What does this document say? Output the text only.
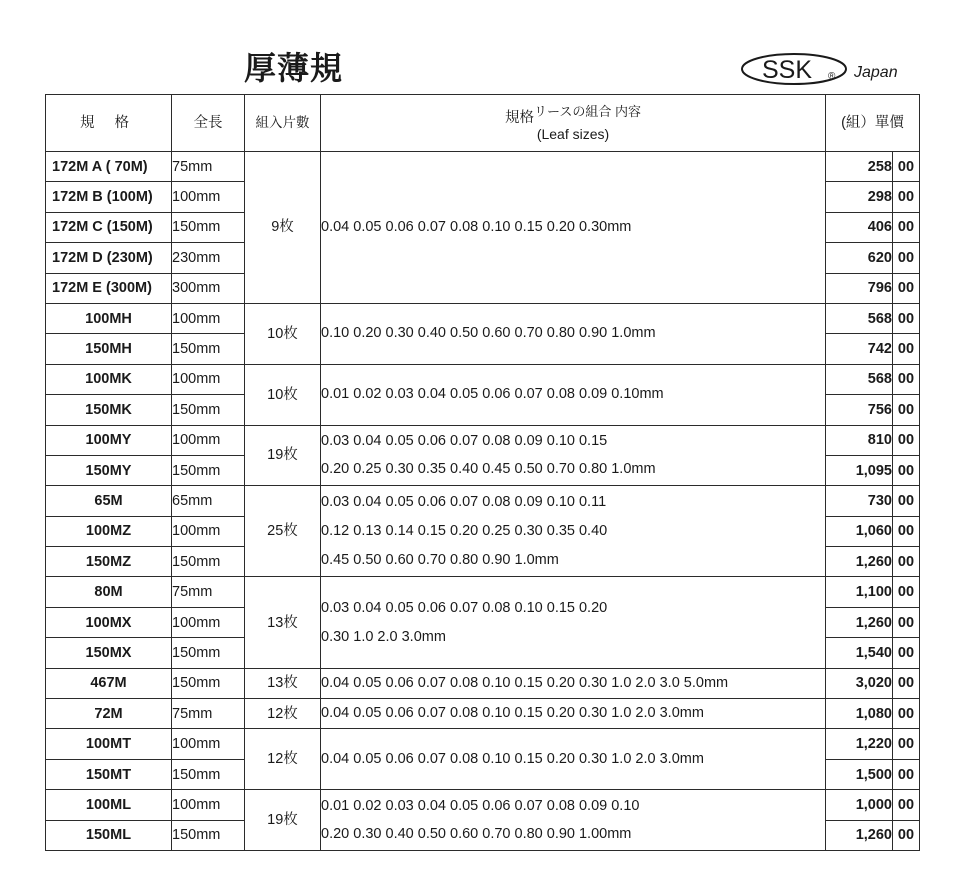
厚薄規	SSK ® Japan
規 格	全長	組入片數	規格リースの組合 内容
(Leaf sizes)	(組）單價	
172M A ( 70M)	75mm	9枚	0.04 0.05 0.06 0.07 0.08 0.10 0.15 0.20 0.30mm	258	00
172M B (100M)	100mm			298	00
172M C (150M)	150mm			406	00
172M D (230M)	230mm			620	00
172M E (300M)	300mm			796	00
100MH	100mm	10枚	0.10 0.20 0.30 0.40 0.50 0.60 0.70 0.80 0.90 1.0mm	568	00
150MH	150mm			742	00
100MK	100mm	10枚	0.01 0.02 0.03 0.04 0.05 0.06 0.07 0.08 0.09 0.10mm	568	00
150MK	150mm			756	00
100MY	100mm	19枚	0.03 0.04 0.05 0.06 0.07 0.08 0.09 0.10 0.15
0.20 0.25 0.30 0.35 0.40 0.45 0.50 0.70 0.80 1.0mm	810	00
150MY	150mm			1,095	00
65M	65mm	25枚	0.03 0.04 0.05 0.06 0.07 0.08 0.09 0.10 0.11
0.12 0.13 0.14 0.15 0.20 0.25 0.30 0.35 0.40
0.45 0.50 0.60 0.70 0.80 0.90 1.0mm	730	00
100MZ	100mm			1,060	00
150MZ	150mm			1,260	00
80M	75mm	13枚	0.03 0.04 0.05 0.06 0.07 0.08 0.10 0.15 0.20
0.30 1.0 2.0 3.0mm	1,100	00
100MX	100mm			1,260	00
150MX	150mm			1,540	00
467M	150mm	13枚	0.04 0.05 0.06 0.07 0.08 0.10 0.15 0.20 0.30 1.0 2.0 3.0 5.0mm	3,020	00
72M	75mm	12枚	0.04 0.05 0.06 0.07 0.08 0.10 0.15 0.20 0.30 1.0 2.0 3.0mm	1,080	00
100MT	100mm	12枚	0.04 0.05 0.06 0.07 0.08 0.10 0.15 0.20 0.30 1.0 2.0 3.0mm	1,220	00
150MT	150mm			1,500	00
100ML	100mm	19枚	0.01 0.02 0.03 0.04 0.05 0.06 0.07 0.08 0.09 0.10
0.20 0.30 0.40 0.50 0.60 0.70 0.80 0.90 1.00mm	1,000	00
150ML	150mm			1,260	00
